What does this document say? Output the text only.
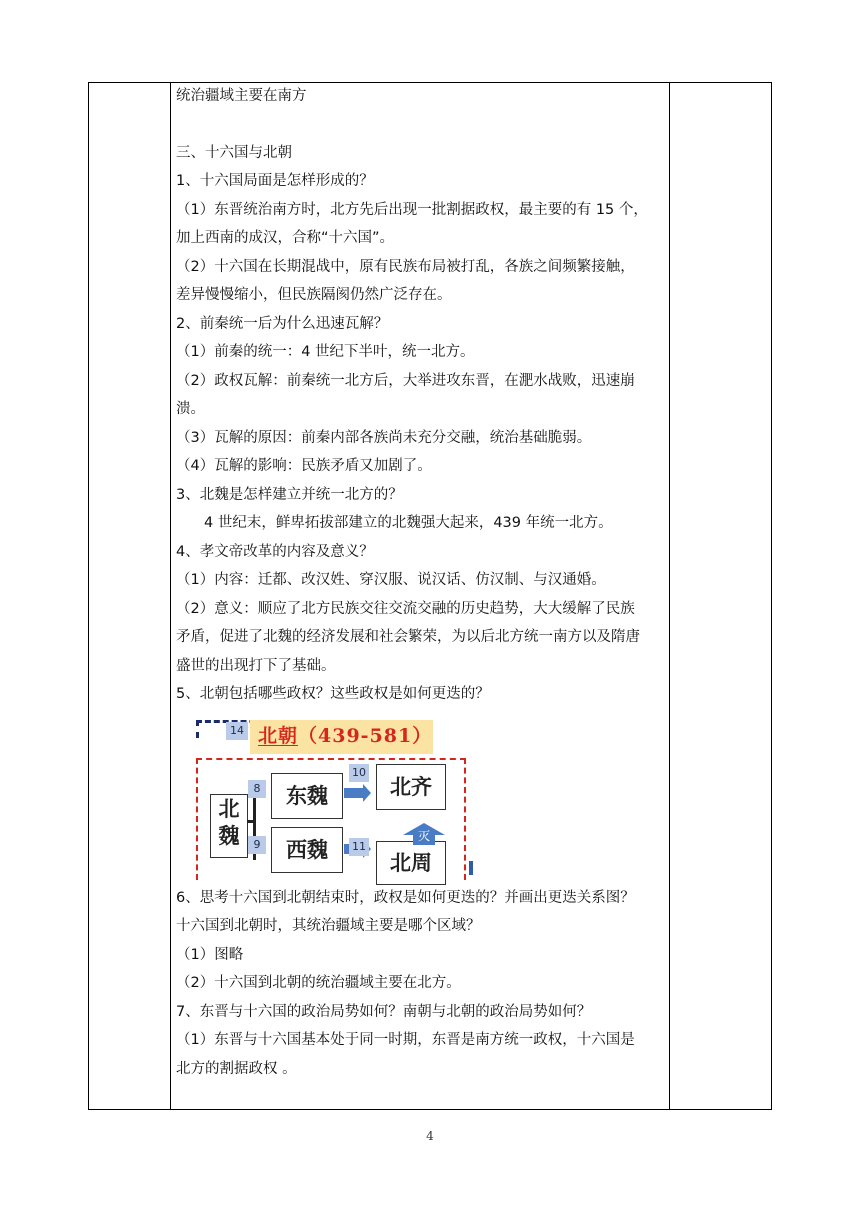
统治疆域主要在南方

三、十六国与北朝

1、十六国局面是怎样形成的？

（1）东晋统治南方时，北方先后出现一批割据政权，最主要的有 15 个，

加上西南的成汉，合称“十六国”。

（2）十六国在长期混战中，原有民族布局被打乱，各族之间频繁接触，

差异慢慢缩小，但民族隔阂仍然广泛存在。

2、前秦统一后为什么迅速瓦解？

（1）前秦的统一：4 世纪下半叶，统一北方。

（2）政权瓦解：前秦统一北方后，大举进攻东晋，在淝水战败，迅速崩

溃。

（3）瓦解的原因：前秦内部各族尚未充分交融，统治基础脆弱。

（4）瓦解的影响：民族矛盾又加剧了。

3、北魏是怎样建立并统一北方的？

4 世纪末，鲜卑拓拔部建立的北魏强大起来，439 年统一北方。

4、孝文帝改革的内容及意义？

（1）内容：迁都、改汉姓、穿汉服、说汉话、仿汉制、与汉通婚。

（2）意义：顺应了北方民族交往交流交融的历史趋势，大大缓解了民族

矛盾，促进了北魏的经济发展和社会繁荣，为以后北方统一南方以及隋唐

盛世的出现打下了基础。

5、北朝包括哪些政权？这些政权是如何更迭的？

北朝（439-581）
14
北
魏
8
9
东魏
西魏
10
11
北齐
北周
灭

6、思考十六国到北朝结束时，政权是如何更迭的？并画出更迭关系图？

十六国到北朝时，其统治疆域主要是哪个区域？

（1）图略

（2）十六国到北朝的统治疆域主要在北方。

7、东晋与十六国的政治局势如何？南朝与北朝的政治局势如何？

（1）东晋与十六国基本处于同一时期，东晋是南方统一政权，十六国是

北方的割据政权 。

4
